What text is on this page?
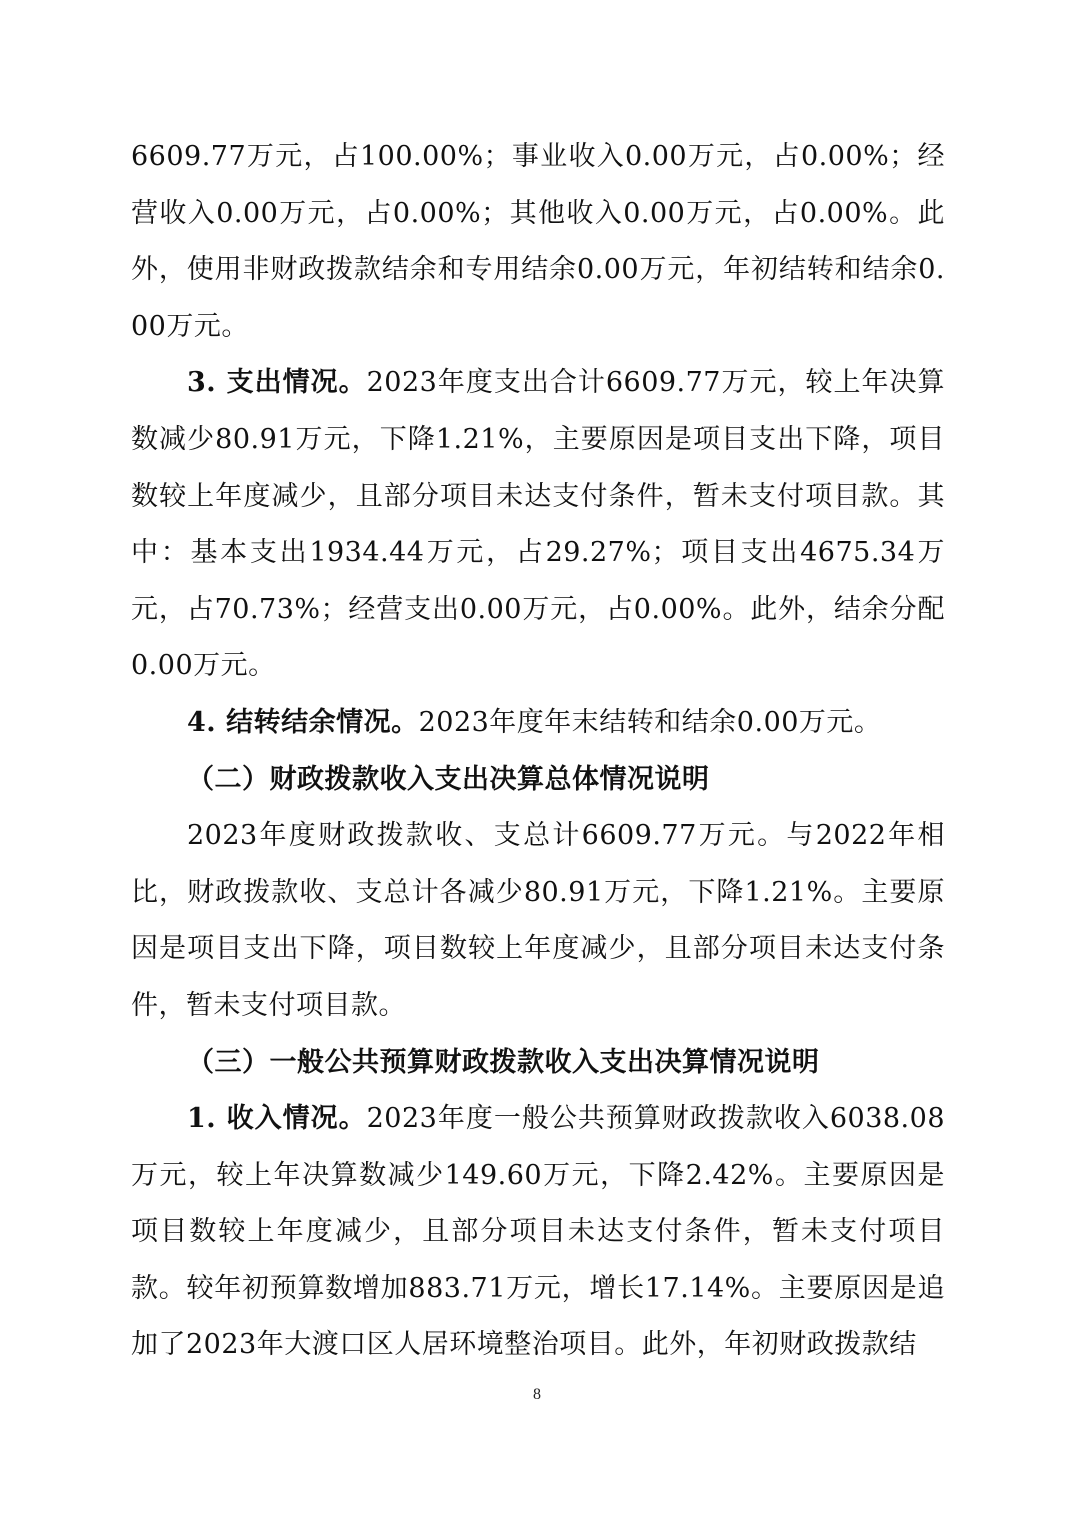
6609.77万元，占100.00%；事业收入0.00万元，占0.00%；经营收入0.00万元，占0.00%；其他收入0.00万元，占0.00%。此外，使用非财政拨款结余和专用结余0.00万元，年初结转和结余0.00万元。

3. 支出情况。2023年度支出合计6609.77万元，较上年决算数减少80.91万元，下降1.21%，主要原因是项目支出下降，项目数较上年度减少，且部分项目未达支付条件，暂未支付项目款。其中：基本支出1934.44万元，占29.27%；项目支出4675.34万元，占70.73%；经营支出0.00万元，占0.00%。此外，结余分配0.00万元。

4. 结转结余情况。2023年度年末结转和结余0.00万元。

（二）财政拨款收入支出决算总体情况说明

2023年度财政拨款收、支总计6609.77万元。与2022年相比，财政拨款收、支总计各减少80.91万元，下降1.21%。主要原因是项目支出下降，项目数较上年度减少，且部分项目未达支付条件，暂未支付项目款。

（三）一般公共预算财政拨款收入支出决算情况说明

1. 收入情况。2023年度一般公共预算财政拨款收入6038.08万元，较上年决算数减少149.60万元，下降2.42%。主要原因是项目数较上年度减少，且部分项目未达支付条件，暂未支付项目款。较年初预算数增加883.71万元，增长17.14%。主要原因是追加了2023年大渡口区人居环境整治项目。此外，年初财政拨款结

8
